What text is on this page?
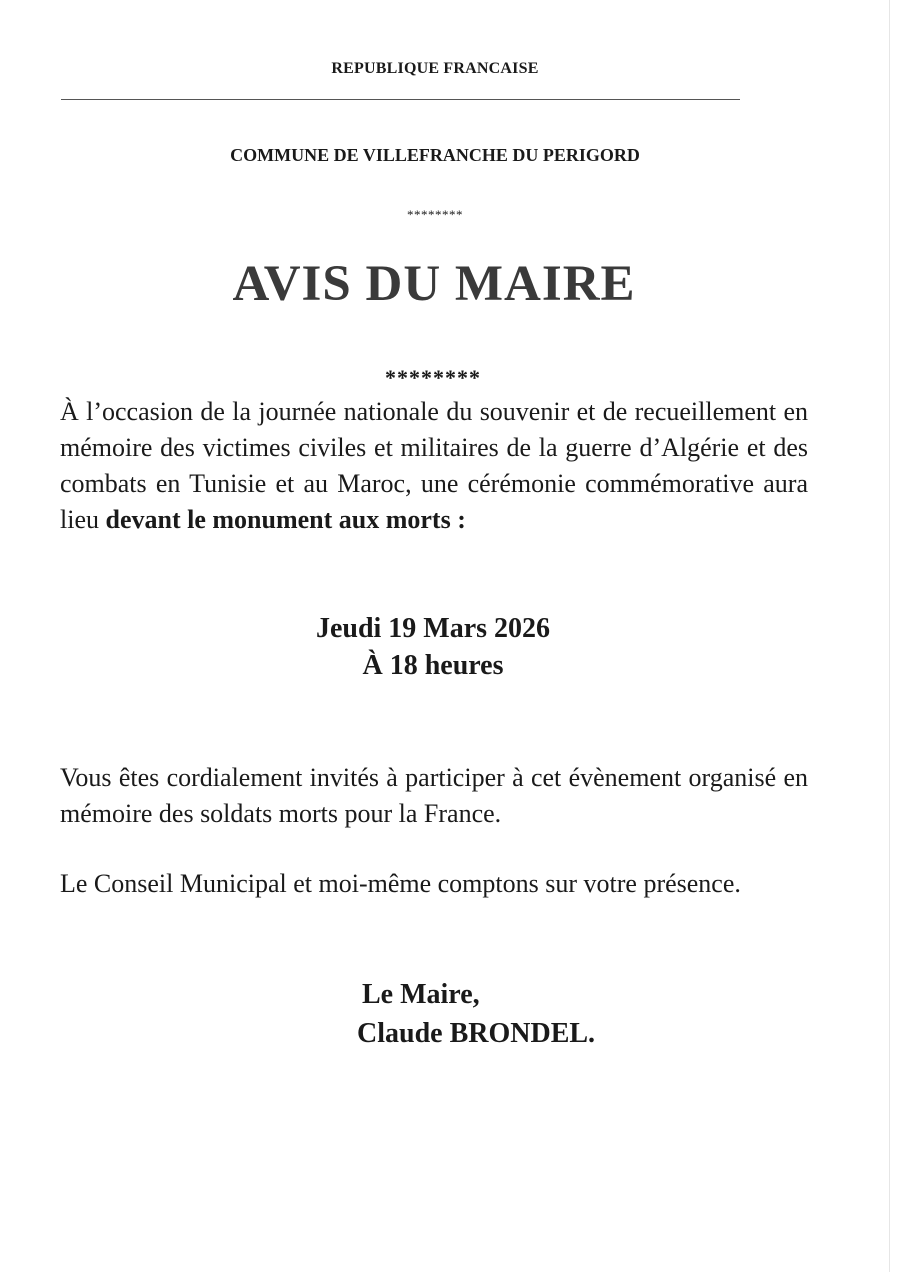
REPUBLIQUE FRANCAISE
COMMUNE DE VILLEFRANCHE DU PERIGORD
********
AVIS DU MAIRE
********

À l’occasion de la journée nationale du souvenir et de recueillement en mémoire des victimes civiles et militaires de la guerre d’Algérie et des combats en Tunisie et au Maroc, une cérémonie commémorative aura lieu devant le monument aux morts :

Jeudi 19 Mars 2026
À 18 heures

Vous êtes cordialement invités à participer à cet évènement organisé en mémoire des soldats morts pour la France.

Le Conseil Municipal et moi-même comptons sur votre présence.

Le Maire,
Claude BRONDEL.
